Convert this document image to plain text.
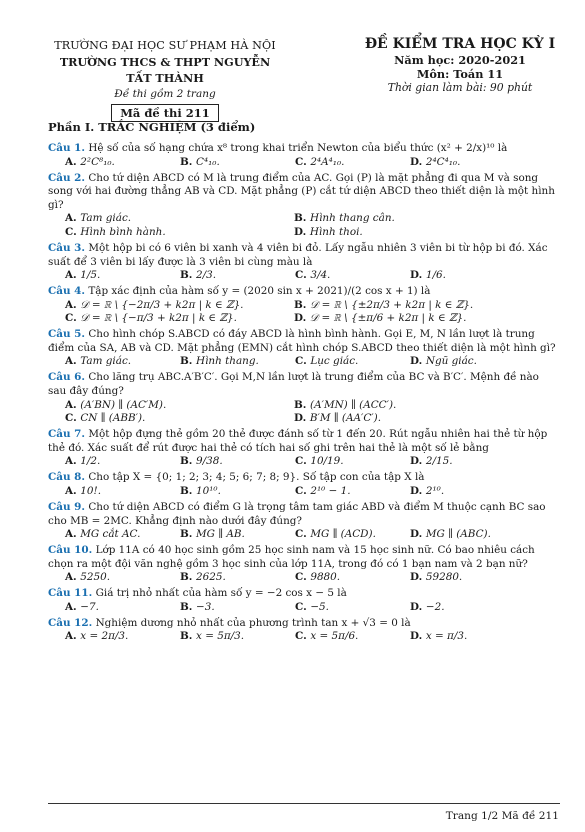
TRƯỜNG ĐẠI HỌC SƯ PHẠM HÀ NỘI
TRƯỜNG THCS & THPT NGUYỄN TẤT THÀNH
Đề thi gồm 2 trang
Mã đề thi 211
ĐỀ KIỂM TRA HỌC KỲ I
Năm học: 2020-2021
Môn: Toán 11
Thời gian làm bài: 90 phút
Phần I. TRẮC NGHIỆM (3 điểm)
Câu 1. Hệ số của số hạng chứa x⁸ trong khai triển Newton của biểu thức (x² + 2/x)¹⁰ là
A. 2²C⁸₁₀.	B. C⁴₁₀.	C. 2⁴A⁴₁₀.	D. 2⁴C⁴₁₀.
Câu 2. Cho tứ diện ABCD có M là trung điểm của AC. Gọi (P) là mặt phẳng đi qua M và song song với hai đường thẳng AB và CD. Mặt phẳng (P) cắt tứ diện ABCD theo thiết diện là một hình gì?
A. Tam giác.	B. Hình thang cân.
C. Hình bình hành.	D. Hình thoi.
Câu 3. Một hộp bi có 6 viên bi xanh và 4 viên bi đỏ. Lấy ngẫu nhiên 3 viên bi từ hộp bi đó. Xác suất để 3 viên bi lấy được là 3 viên bi cùng màu là
A. 1/5.	B. 2/3.	C. 3/4.	D. 1/6.
Câu 4. Tập xác định của hàm số y = (2020 sin x + 2021)/(2 cos x + 1) là
A. 𝒟 = ℝ \ {−2π/3 + k2π | k ∈ ℤ}.	B. 𝒟 = ℝ \ {±2π/3 + k2π | k ∈ ℤ}.
C. 𝒟 = ℝ \ {−π/3 + k2π | k ∈ ℤ}.	D. 𝒟 = ℝ \ {±π/6 + k2π | k ∈ ℤ}.
Câu 5. Cho hình chóp S.ABCD có đáy ABCD là hình bình hành. Gọi E, M, N lần lượt là trung điểm của SA, AB và CD. Mặt phẳng (EMN) cắt hình chóp S.ABCD theo thiết diện là một hình gì?
A. Tam giác.	B. Hình thang.	C. Lục giác.	D. Ngũ giác.
Câu 6. Cho lăng trụ ABC.A′B′C′. Gọi M,N lần lượt là trung điểm của BC và B′C′. Mệnh đề nào sau đây đúng?
A. (A′BN) ∥ (AC′M).	B. (A′MN) ∥ (ACC′).
C. CN ∥ (ABB′).	D. B′M ∥ (AA′C′).
Câu 7. Một hộp đựng thẻ gồm 20 thẻ được đánh số từ 1 đến 20. Rút ngẫu nhiên hai thẻ từ hộp thẻ đó. Xác suất để rút được hai thẻ có tích hai số ghi trên hai thẻ là một số lẻ bằng
A. 1/2.	B. 9/38.	C. 10/19.	D. 2/15.
Câu 8. Cho tập X = {0; 1; 2; 3; 4; 5; 6; 7; 8; 9}. Số tập con của tập X là
A. 10!.	B. 10¹⁰.	C. 2¹⁰ − 1.	D. 2¹⁰.
Câu 9. Cho tứ diện ABCD có điểm G là trọng tâm tam giác ABD và điểm M thuộc cạnh BC sao cho MB = 2MC. Khẳng định nào dưới đây đúng?
A. MG cắt AC.	B. MG ∥ AB.	C. MG ∥ (ACD).	D. MG ∥ (ABC).
Câu 10. Lớp 11A có 40 học sinh gồm 25 học sinh nam và 15 học sinh nữ. Có bao nhiêu cách chọn ra một đội văn nghệ gồm 3 học sinh của lớp 11A, trong đó có 1 bạn nam và 2 bạn nữ?
A. 5250.	B. 2625.	C. 9880.	D. 59280.
Câu 11. Giá trị nhỏ nhất của hàm số y = −2 cos x − 5 là
A. −7.	B. −3.	C. −5.	D. −2.
Câu 12. Nghiệm dương nhỏ nhất của phương trình tan x + √3 = 0 là
A. x = 2π/3.	B. x = 5π/3.	C. x = 5π/6.	D. x = π/3.
Trang 1/2 Mã đề 211
